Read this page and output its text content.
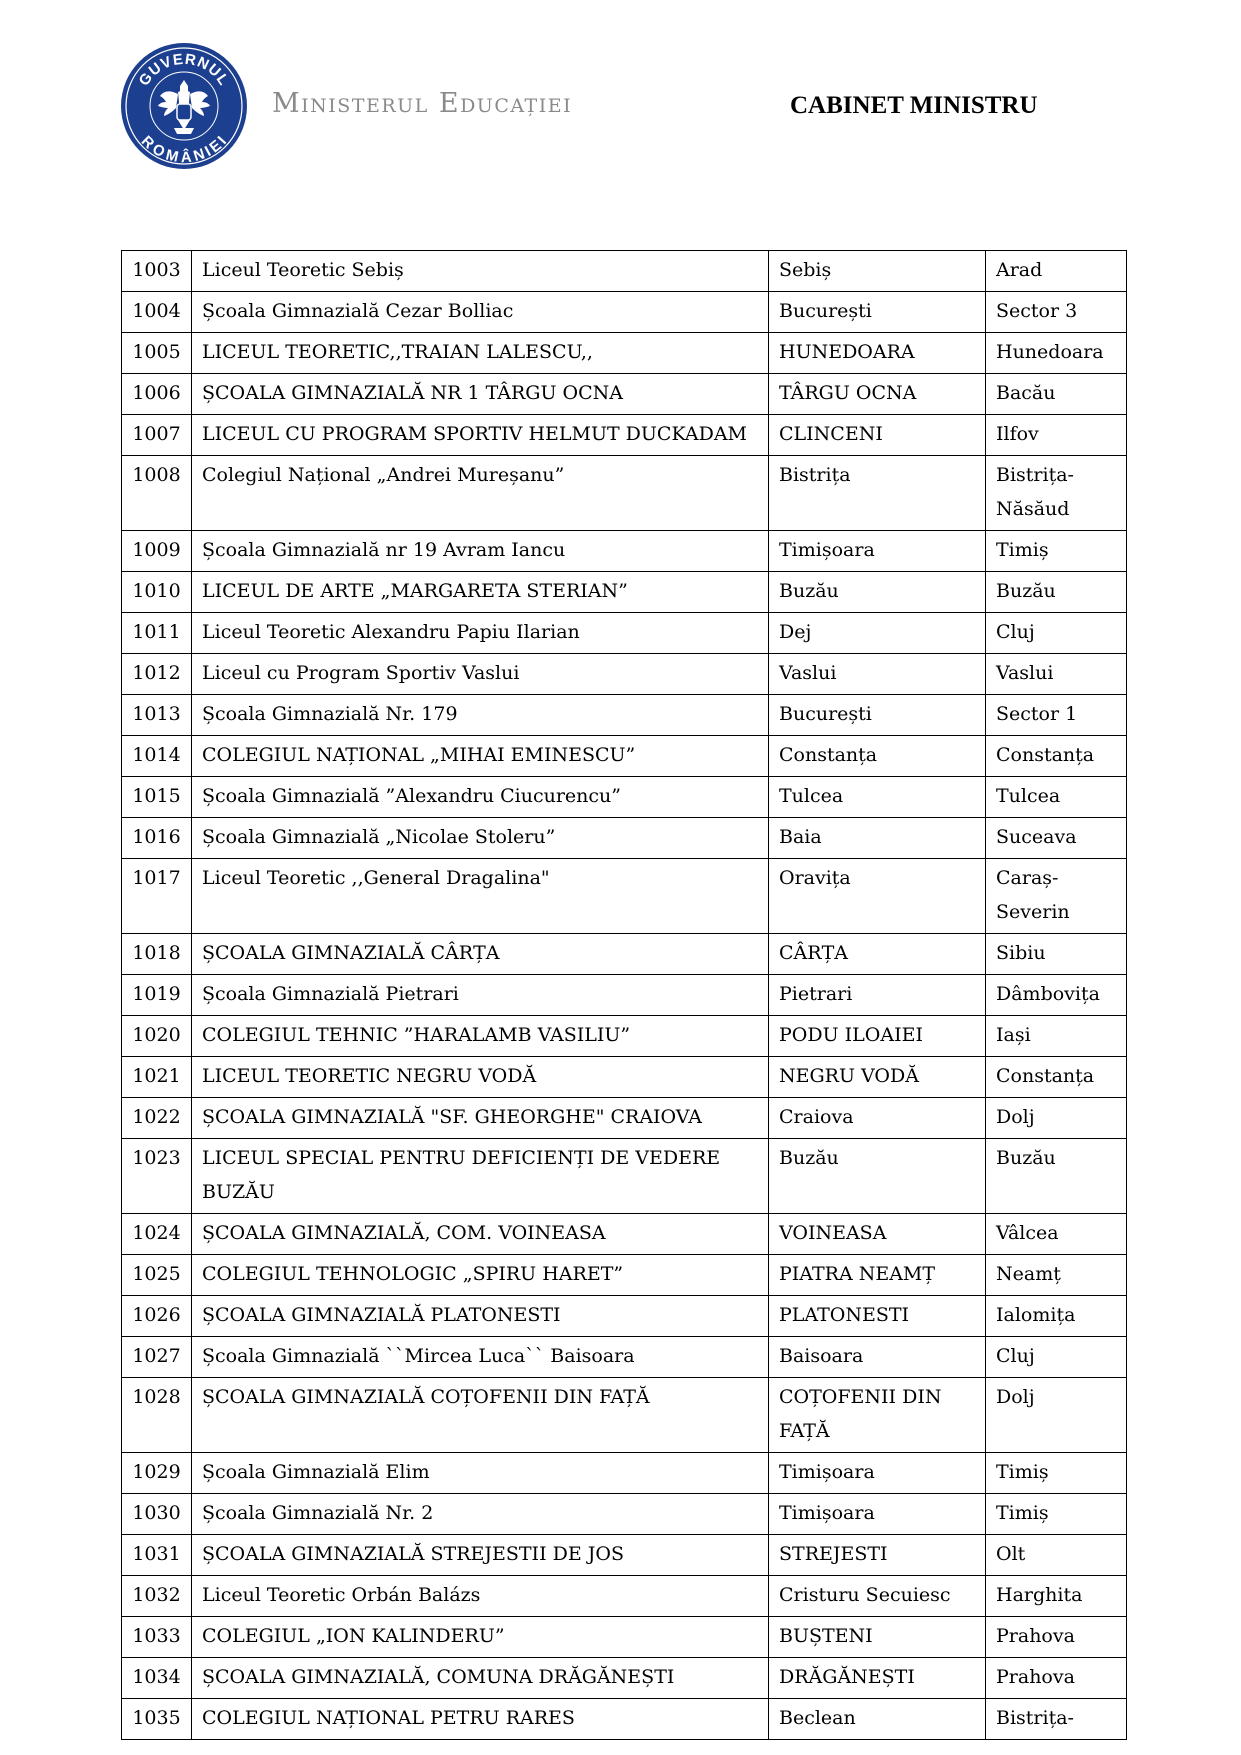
GUVERNUL
ROMÂNIEI
Ministerul Educației	CABINET MINISTRU
1003	Liceul Teoretic Sebiș	Sebiș	Arad
1004	Școala Gimnazială Cezar Bolliac	București	Sector 3
1005	LICEUL TEORETIC,,TRAIAN LALESCU,,	HUNEDOARA	Hunedoara
1006	ȘCOALA GIMNAZIALĂ NR 1 TÂRGU OCNA	TÂRGU OCNA	Bacău
1007	LICEUL CU PROGRAM SPORTIV HELMUT DUCKADAM	CLINCENI	Ilfov
1008	Colegiul Național „Andrei Mureșanu”	Bistrița	Bistrița-Năsăud
1009	Școala Gimnazială nr 19 Avram Iancu	Timișoara	Timiș
1010	LICEUL DE ARTE „MARGARETA STERIAN”	Buzău	Buzău
1011	Liceul Teoretic Alexandru Papiu Ilarian	Dej	Cluj
1012	Liceul cu Program Sportiv Vaslui	Vaslui	Vaslui
1013	Școala Gimnazială Nr. 179	București	Sector 1
1014	COLEGIUL NAȚIONAL „MIHAI EMINESCU”	Constanța	Constanța
1015	Școala Gimnazială ”Alexandru Ciucurencu”	Tulcea	Tulcea
1016	Școala Gimnazială „Nicolae Stoleru”	Baia	Suceava
1017	Liceul Teoretic ,,General Dragalina"	Oravița	Caraș-Severin
1018	ȘCOALA GIMNAZIALĂ CÂRȚA	CÂRȚA	Sibiu
1019	Școala Gimnazială Pietrari	Pietrari	Dâmbovița
1020	COLEGIUL TEHNIC ”HARALAMB VASILIU”	PODU ILOAIEI	Iași
1021	LICEUL TEORETIC NEGRU VODĂ	NEGRU VODĂ	Constanța
1022	ȘCOALA GIMNAZIALĂ "SF. GHEORGHE" CRAIOVA	Craiova	Dolj
1023	LICEUL SPECIAL PENTRU DEFICIENȚI DE VEDERE BUZĂU	Buzău	Buzău
1024	ȘCOALA GIMNAZIALĂ, COM. VOINEASA	VOINEASA	Vâlcea
1025	COLEGIUL TEHNOLOGIC „SPIRU HARET”	PIATRA NEAMȚ	Neamț
1026	ȘCOALA GIMNAZIALĂ PLATONESTI	PLATONESTI	Ialomița
1027	Școala Gimnazială ``Mircea Luca`` Baisoara	Baisoara	Cluj
1028	ȘCOALA GIMNAZIALĂ COȚOFENII DIN FAȚĂ	COȚOFENII DIN FAȚĂ	Dolj
1029	Școala Gimnazială Elim	Timișoara	Timiș
1030	Școala Gimnazială Nr. 2	Timișoara	Timiș
1031	ȘCOALA GIMNAZIALĂ STREJESTII DE JOS	STREJESTI	Olt
1032	Liceul Teoretic Orbán Balázs	Cristuru Secuiesc	Harghita
1033	COLEGIUL „ION KALINDERU”	BUȘTENI	Prahova
1034	ȘCOALA GIMNAZIALĂ, COMUNA DRĂGĂNEȘTI	DRĂGĂNEȘTI	Prahova
1035	COLEGIUL NAȚIONAL PETRU RARES	Beclean	Bistrița-
